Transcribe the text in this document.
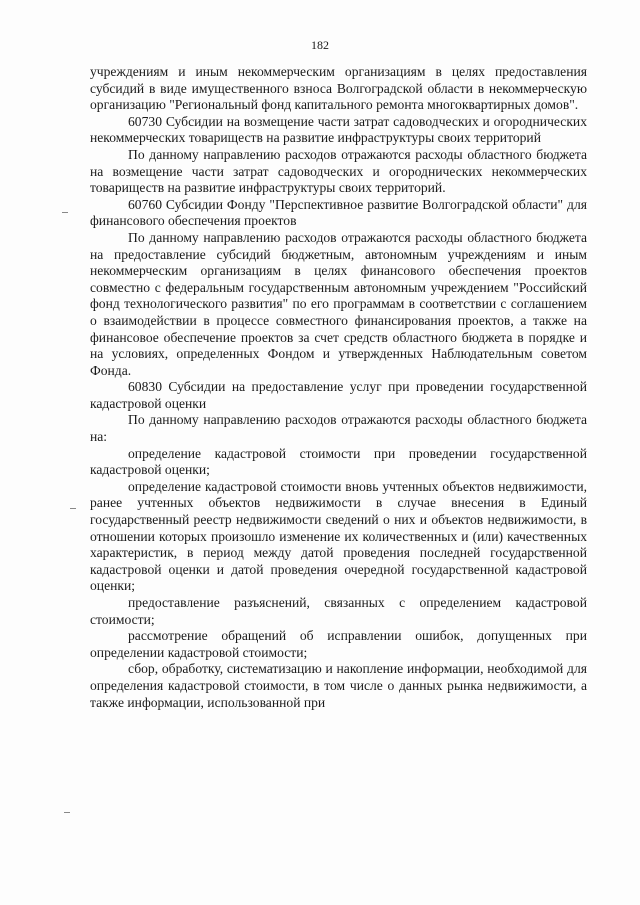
182

учреждениям и иным некоммерческим организациям в целях предоставления субсидий в виде имущественного взноса Волгоградской области в некоммерческую организацию "Региональный фонд капитального ремонта многоквартирных домов".

60730 Субсидии на возмещение части затрат садоводческих и огороднических некоммерческих товариществ на развитие инфраструктуры своих территорий

По данному направлению расходов отражаются расходы областного бюджета на возмещение части затрат садоводческих и огороднических некоммерческих товариществ на развитие инфраструктуры своих территорий.

60760 Субсидии Фонду "Перспективное развитие Волгоградской области" для финансового обеспечения проектов

По данному направлению расходов отражаются расходы областного бюджета на предоставление субсидий бюджетным, автономным учреждениям и иным некоммерческим организациям в целях финансового обеспечения проектов совместно с федеральным государственным автономным учреждением "Российский фонд технологического развития" по его программам в соответствии с соглашением о взаимодействии в процессе совместного финансирования проектов, а также на финансовое обеспечение проектов за счет средств областного бюджета в порядке и на условиях, определенных Фондом и утвержденных Наблюдательным советом Фонда.

60830 Субсидии на предоставление услуг при проведении государственной кадастровой оценки

По данному направлению расходов отражаются расходы областного бюджета на:

определение кадастровой стоимости при проведении государственной кадастровой оценки;

определение кадастровой стоимости вновь учтенных объектов недвижимости, ранее учтенных объектов недвижимости в случае внесения в Единый государственный реестр недвижимости сведений о них и объектов недвижимости, в отношении которых произошло изменение их количественных и (или) качественных характеристик, в период между датой проведения последней государственной кадастровой оценки и датой проведения очередной государственной кадастровой оценки;

предоставление разъяснений, связанных с определением кадастровой стоимости;

рассмотрение обращений об исправлении ошибок, допущенных при определении кадастровой стоимости;

сбор, обработку, систематизацию и накопление информации, необходимой для определения кадастровой стоимости, в том числе о данных рынка недвижимости, а также информации, использованной при
